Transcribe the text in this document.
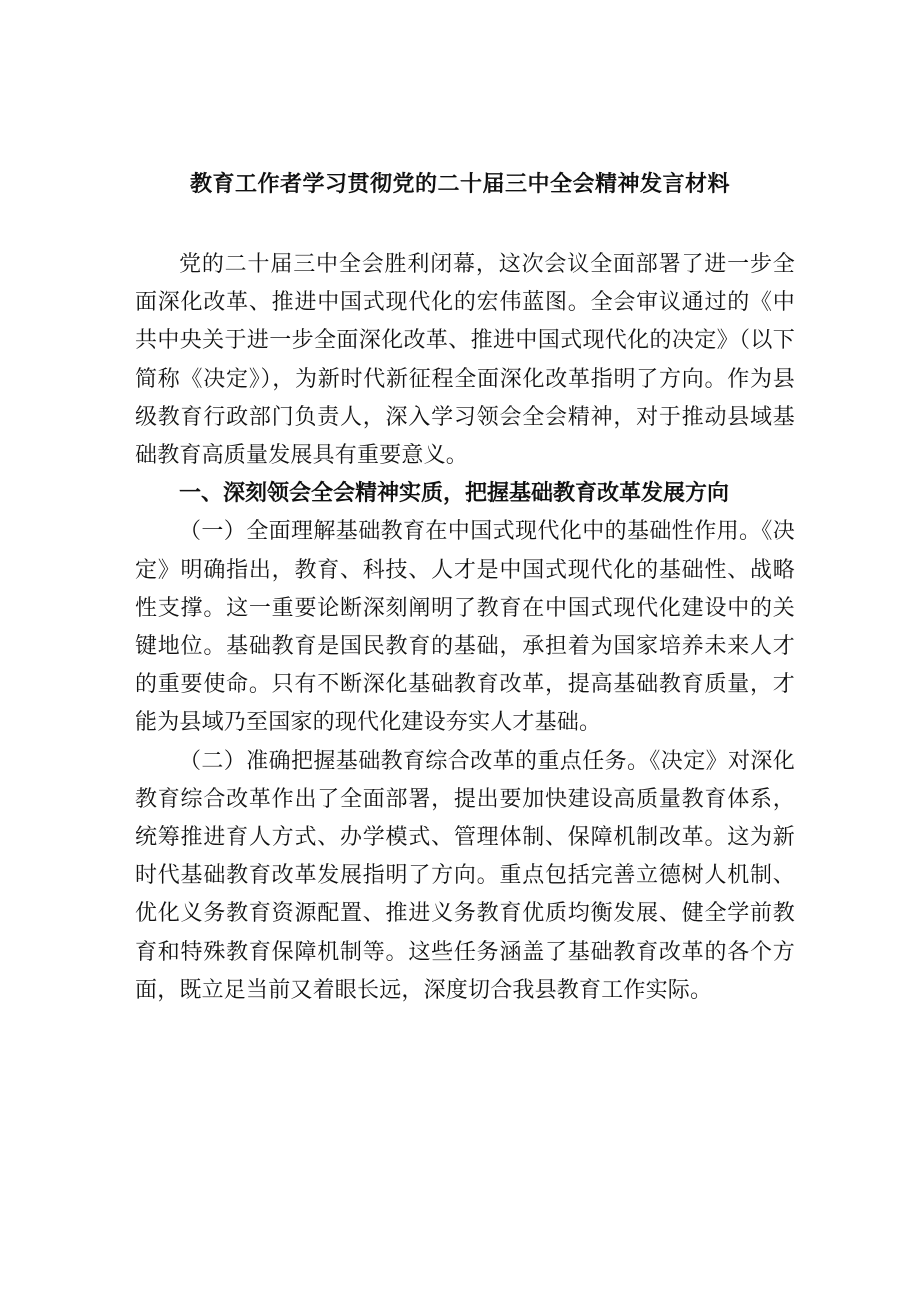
教育工作者学习贯彻党的二十届三中全会精神发言材料

党的二十届三中全会胜利闭幕，这次会议全面部署了进一步全面深化改革、推进中国式现代化的宏伟蓝图。全会审议通过的《中共中央关于进一步全面深化改革、推进中国式现代化的决定》（以下简称《决定》），为新时代新征程全面深化改革指明了方向。作为县级教育行政部门负责人，深入学习领会全会精神，对于推动县域基础教育高质量发展具有重要意义。

一、深刻领会全会精神实质，把握基础教育改革发展方向

（一）全面理解基础教育在中国式现代化中的基础性作用。《决定》明确指出，教育、科技、人才是中国式现代化的基础性、战略性支撑。这一重要论断深刻阐明了教育在中国式现代化建设中的关键地位。基础教育是国民教育的基础，承担着为国家培养未来人才的重要使命。只有不断深化基础教育改革，提高基础教育质量，才能为县域乃至国家的现代化建设夯实人才基础。

（二）准确把握基础教育综合改革的重点任务。《决定》对深化教育综合改革作出了全面部署，提出要加快建设高质量教育体系，统筹推进育人方式、办学模式、管理体制、保障机制改革。这为新时代基础教育改革发展指明了方向。重点包括完善立德树人机制、优化义务教育资源配置、推进义务教育优质均衡发展、健全学前教育和特殊教育保障机制等。这些任务涵盖了基础教育改革的各个方面，既立足当前又着眼长远，深度切合我县教育工作实际。
